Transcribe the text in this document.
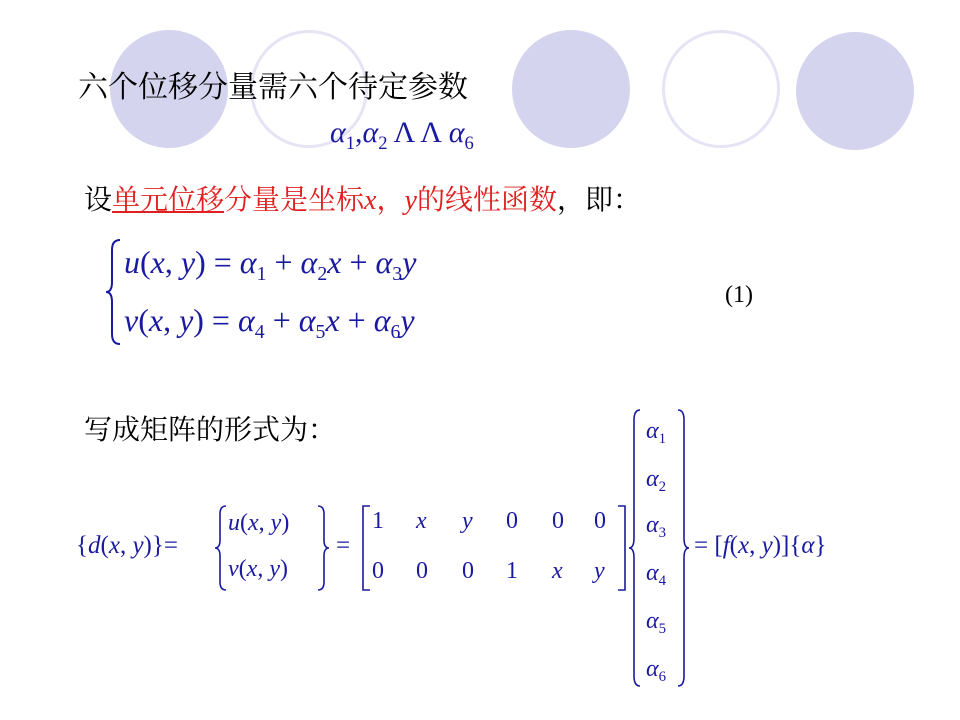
六个位移分量需六个待定参数
$\alpha_1,\alpha_2$ Λ Λ $\alpha_6$
设单元位移分量是坐标x，y的线性函数，即：
u(x, $y) = \alpha_1 + \alpha_2x + \alpha_3y$
v(x, $y) = \alpha_4 + \alpha_5x + \alpha_6y$
(1)
写成矩阵的形式为：
{d(x, y)}=
u(x, y)
v(x, y)
=
1 x y 0 0 0
0 0 0 1 x y
$\alpha_1$
$\alpha_2$
$\alpha_3$
$\alpha_4$
$\alpha_5$
$\alpha_6$
= [f(x, y)]{α}
